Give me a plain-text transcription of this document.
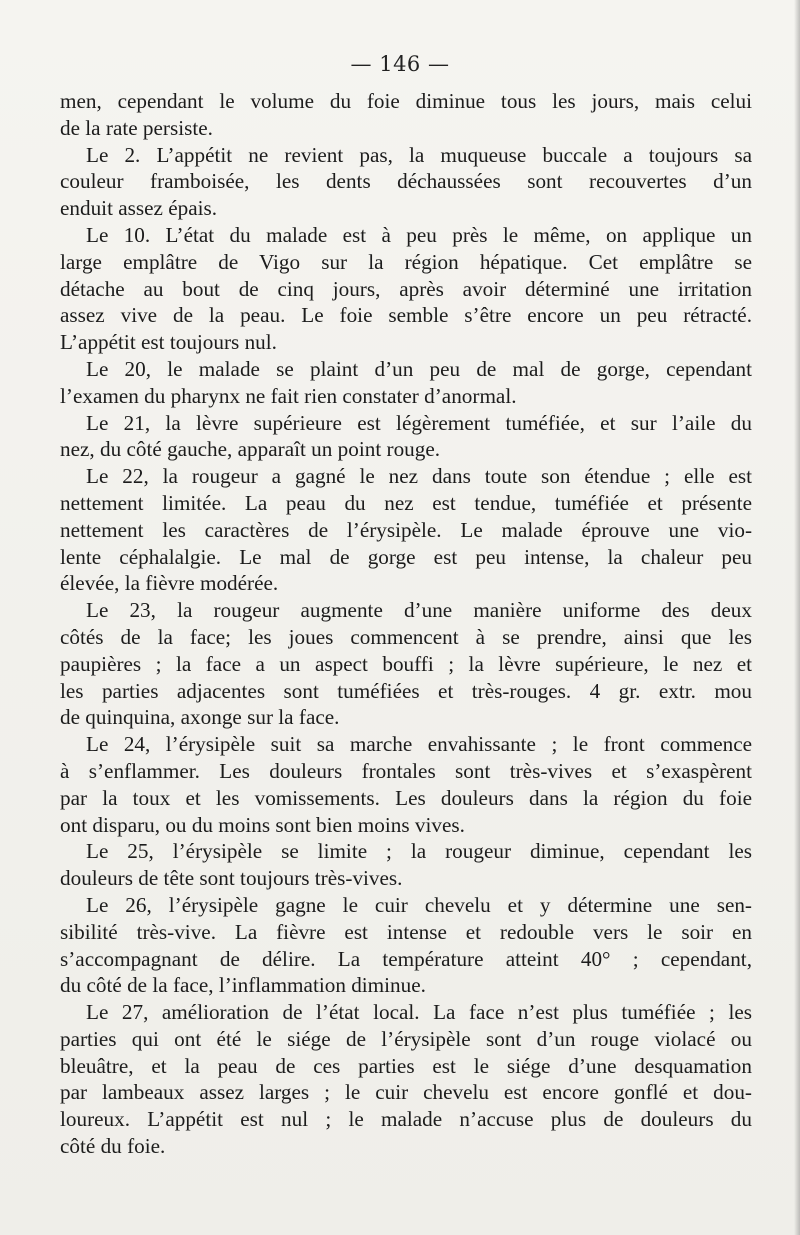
— 146 —
men, cependant le volume du foie diminue tous les jours, mais celui
de la rate persiste.
Le 2. L’appétit ne revient pas, la muqueuse buccale a toujours sa
couleur framboisée, les dents déchaussées sont recouvertes d’un
enduit assez épais.
Le 10. L’état du malade est à peu près le même, on applique un
large emplâtre de Vigo sur la région hépatique. Cet emplâtre se
détache au bout de cinq jours, après avoir déterminé une irritation
assez vive de la peau. Le foie semble s’être encore un peu rétracté.
L’appétit est toujours nul.
Le 20, le malade se plaint d’un peu de mal de gorge, cependant
l’examen du pharynx ne fait rien constater d’anormal.
Le 21, la lèvre supérieure est légèrement tuméfiée, et sur l’aile du
nez, du côté gauche, apparaît un point rouge.
Le 22, la rougeur a gagné le nez dans toute son étendue ; elle est
nettement limitée. La peau du nez est tendue, tuméfiée et présente
nettement les caractères de l’érysipèle. Le malade éprouve une vio-
lente céphalalgie. Le mal de gorge est peu intense, la chaleur peu
élevée, la fièvre modérée.
Le 23, la rougeur augmente d’une manière uniforme des deux
côtés de la face; les joues commencent à se prendre, ainsi que les
paupières ; la face a un aspect bouffi ; la lèvre supérieure, le nez et
les parties adjacentes sont tuméfiées et très-rouges. 4 gr. extr. mou
de quinquina, axonge sur la face.
Le 24, l’érysipèle suit sa marche envahissante ; le front commence
à s’enflammer. Les douleurs frontales sont très-vives et s’exaspèrent
par la toux et les vomissements. Les douleurs dans la région du foie
ont disparu, ou du moins sont bien moins vives.
Le 25, l’érysipèle se limite ; la rougeur diminue, cependant les
douleurs de tête sont toujours très-vives.
Le 26, l’érysipèle gagne le cuir chevelu et y détermine une sen-
sibilité très-vive. La fièvre est intense et redouble vers le soir en
s’accompagnant de délire. La température atteint 40° ; cependant,
du côté de la face, l’inflammation diminue.
Le 27, amélioration de l’état local. La face n’est plus tuméfiée ; les
parties qui ont été le siége de l’érysipèle sont d’un rouge violacé ou
bleuâtre, et la peau de ces parties est le siége d’une desquamation
par lambeaux assez larges ; le cuir chevelu est encore gonflé et dou-
loureux. L’appétit est nul ; le malade n’accuse plus de douleurs du
côté du foie.
